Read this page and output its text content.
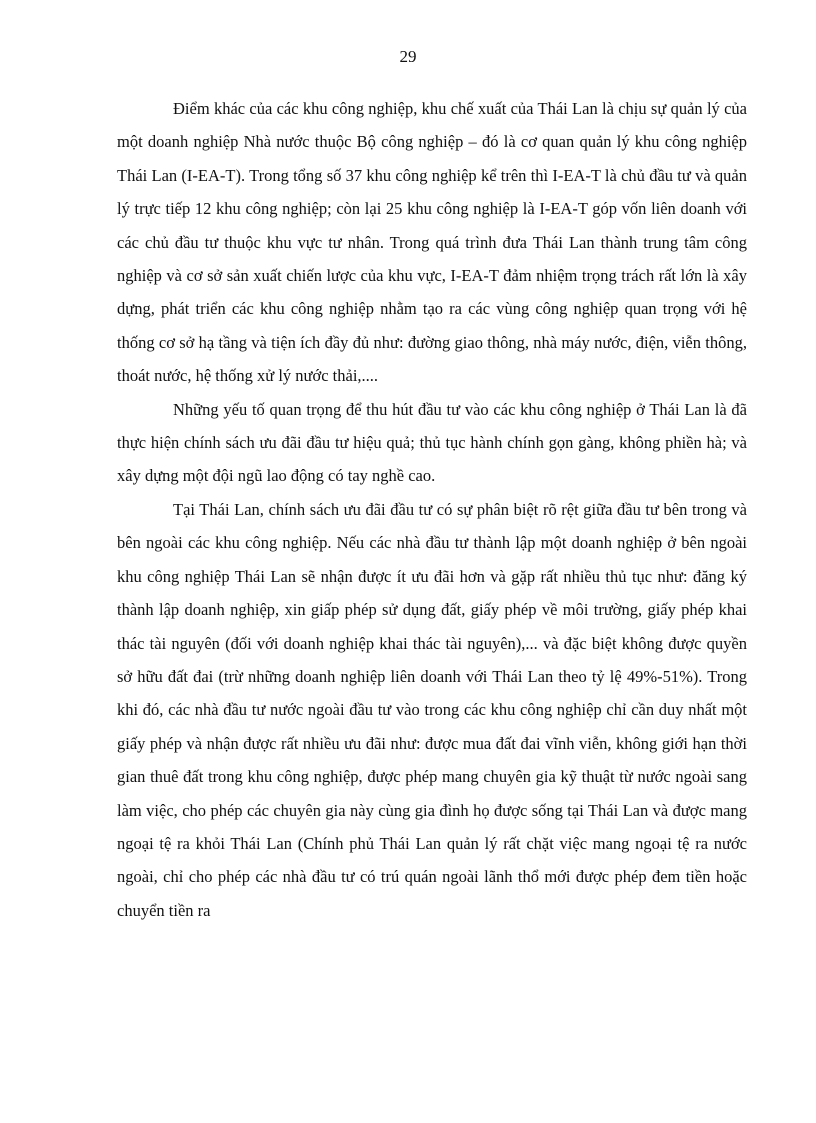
29

Điểm khác của các khu công nghiệp, khu chế xuất của Thái Lan là chịu sự quản lý của một doanh nghiệp Nhà nước thuộc Bộ công nghiệp – đó là cơ quan quản lý khu công nghiệp Thái Lan (I-EA-T). Trong tổng số 37 khu công nghiệp kể trên thì I-EA-T là chủ đầu tư và quản lý trực tiếp 12 khu công nghiệp; còn lại 25 khu công nghiệp là I-EA-T góp vốn liên doanh với các chủ đầu tư thuộc khu vực tư nhân. Trong quá trình đưa Thái Lan thành trung tâm công nghiệp và cơ sở sản xuất chiến lược của khu vực, I-EA-T đảm nhiệm trọng trách rất lớn là xây dựng, phát triển các khu công nghiệp nhằm tạo ra các vùng công nghiệp quan trọng với hệ thống cơ sở hạ tầng và tiện ích đầy đủ như: đường giao thông, nhà máy nước, điện, viễn thông, thoát nước, hệ thống xử lý nước thải,....

Những yếu tố quan trọng để thu hút đầu tư vào các khu công nghiệp ở Thái Lan là đã thực hiện chính sách ưu đãi đầu tư hiệu quả; thủ tục hành chính gọn gàng, không phiền hà; và xây dựng một đội ngũ lao động có tay nghề cao.

Tại Thái Lan, chính sách ưu đãi đầu tư có sự phân biệt rõ rệt giữa đầu tư bên trong và bên ngoài các khu công nghiệp. Nếu các nhà đầu tư thành lập một doanh nghiệp ở bên ngoài khu công nghiệp Thái Lan sẽ nhận được ít ưu đãi hơn và gặp rất nhiều thủ tục như: đăng ký thành lập doanh nghiệp, xin giấp phép sử dụng đất, giấy phép về môi trường, giấy phép khai thác tài nguyên (đối với doanh nghiệp khai thác tài nguyên),... và đặc biệt không được quyền sở hữu đất đai (trừ những doanh nghiệp liên doanh với Thái Lan theo tỷ lệ 49%-51%). Trong khi đó, các nhà đầu tư nước ngoài đầu tư vào trong các khu công nghiệp chỉ cần duy nhất một giấy phép và nhận được rất nhiều ưu đãi như: được mua đất đai vĩnh viễn, không giới hạn thời gian thuê đất trong khu công nghiệp, được phép mang chuyên gia kỹ thuật từ nước ngoài sang làm việc, cho phép các chuyên gia này cùng gia đình họ được sống tại Thái Lan và được mang ngoại tệ ra khỏi Thái Lan (Chính phủ Thái Lan quản lý rất chặt việc mang ngoại tệ ra nước ngoài, chỉ cho phép các nhà đầu tư có trú quán ngoài lãnh thổ mới được phép đem tiền hoặc chuyển tiền ra
